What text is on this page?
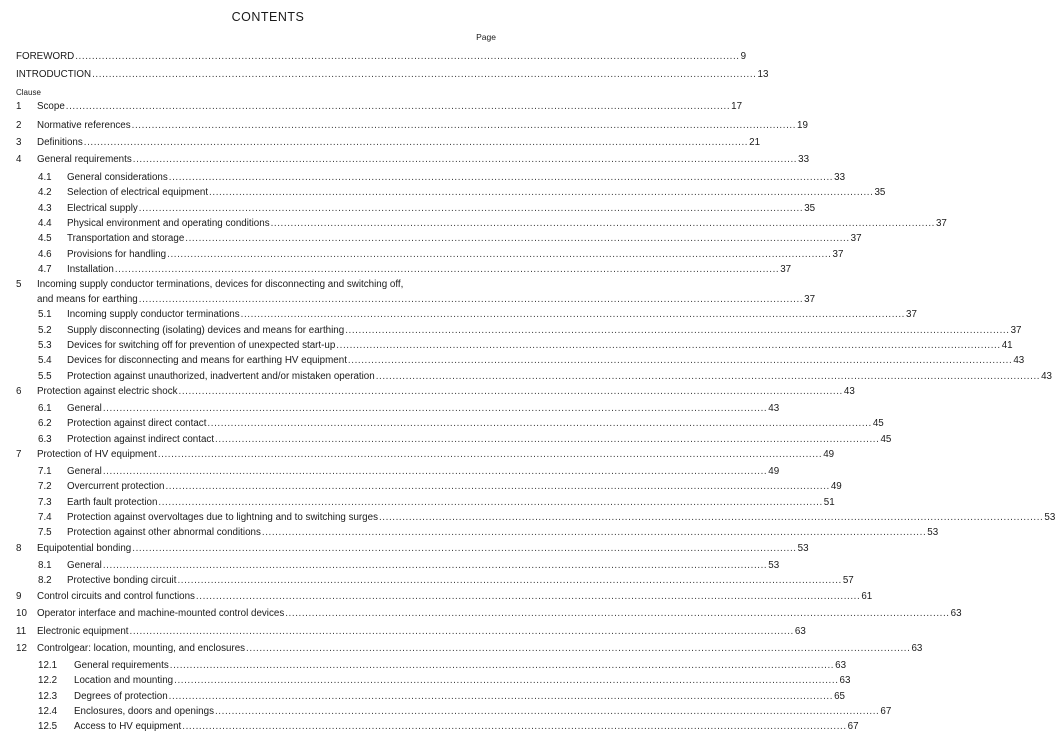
CONTENTS
Page
Clause
FOREWORD ........................................................................................................................................................................................................ 9
INTRODUCTION ........................................................................................................................................................................................................ 13
1	Scope ........................................................................................................................................................................................................ 17
2	Normative references ........................................................................................................................................................................................................ 19
3	Definitions ........................................................................................................................................................................................................ 21
4	General requirements ........................................................................................................................................................................................................ 33
4.1	General considerations ........................................................................................................................................................................................................ 33
4.2	Selection of electrical equipment ........................................................................................................................................................................................................ 35
4.3	Electrical supply ........................................................................................................................................................................................................ 35
4.4	Physical environment and operating conditions ........................................................................................................................................................................................................ 37
4.5	Transportation and storage ........................................................................................................................................................................................................ 37
4.6	Provisions for handling ........................................................................................................................................................................................................ 37
4.7	Installation ........................................................................................................................................................................................................ 37
5	Incoming supply conductor terminations, devices for disconnecting and switching off,
and means for earthing ........................................................................................................................................................................................................ 37
5.1	Incoming supply conductor terminations ........................................................................................................................................................................................................ 37
5.2	Supply disconnecting (isolating) devices and means for earthing ........................................................................................................................................................................................................ 37
5.3	Devices for switching off for prevention of unexpected start-up ........................................................................................................................................................................................................ 41
5.4	Devices for disconnecting and means for earthing HV equipment ........................................................................................................................................................................................................ 43
5.5	Protection against unauthorized, inadvertent and/or mistaken operation ........................................................................................................................................................................................................ 43
6	Protection against electric shock ........................................................................................................................................................................................................ 43
6.1	General ........................................................................................................................................................................................................ 43
6.2	Protection against direct contact ........................................................................................................................................................................................................ 45
6.3	Protection against indirect contact ........................................................................................................................................................................................................ 45
7	Protection of HV equipment ........................................................................................................................................................................................................ 49
7.1	General ........................................................................................................................................................................................................ 49
7.2	Overcurrent protection ........................................................................................................................................................................................................ 49
7.3	Earth fault protection ........................................................................................................................................................................................................ 51
7.4	Protection against overvoltages due to lightning and to switching surges ........................................................................................................................................................................................................ 53
7.5	Protection against other abnormal conditions ........................................................................................................................................................................................................ 53
8	Equipotential bonding ........................................................................................................................................................................................................ 53
8.1	General ........................................................................................................................................................................................................ 53
8.2	Protective bonding circuit ........................................................................................................................................................................................................ 57
9	Control circuits and control functions ........................................................................................................................................................................................................ 61
10	Operator interface and machine-mounted control devices ........................................................................................................................................................................................................ 63
11	Electronic equipment ........................................................................................................................................................................................................ 63
12	Controlgear: location, mounting, and enclosures ........................................................................................................................................................................................................ 63
12.1	General requirements ........................................................................................................................................................................................................ 63
12.2	Location and mounting ........................................................................................................................................................................................................ 63
12.3	Degrees of protection ........................................................................................................................................................................................................ 65
12.4	Enclosures, doors and openings ........................................................................................................................................................................................................ 67
12.5	Access to HV equipment ........................................................................................................................................................................................................ 67
